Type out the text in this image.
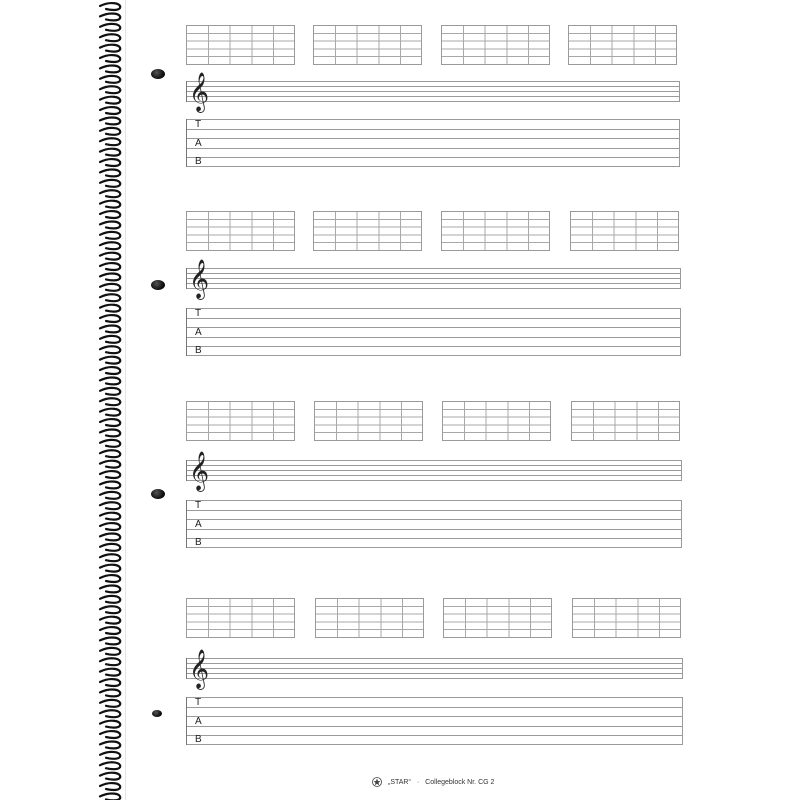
𝄞
T
A
B
𝄞
T
A
B
𝄞
T
A
B
𝄞
T
A
B
„STAR“ · Collegeblock Nr. CG 2
